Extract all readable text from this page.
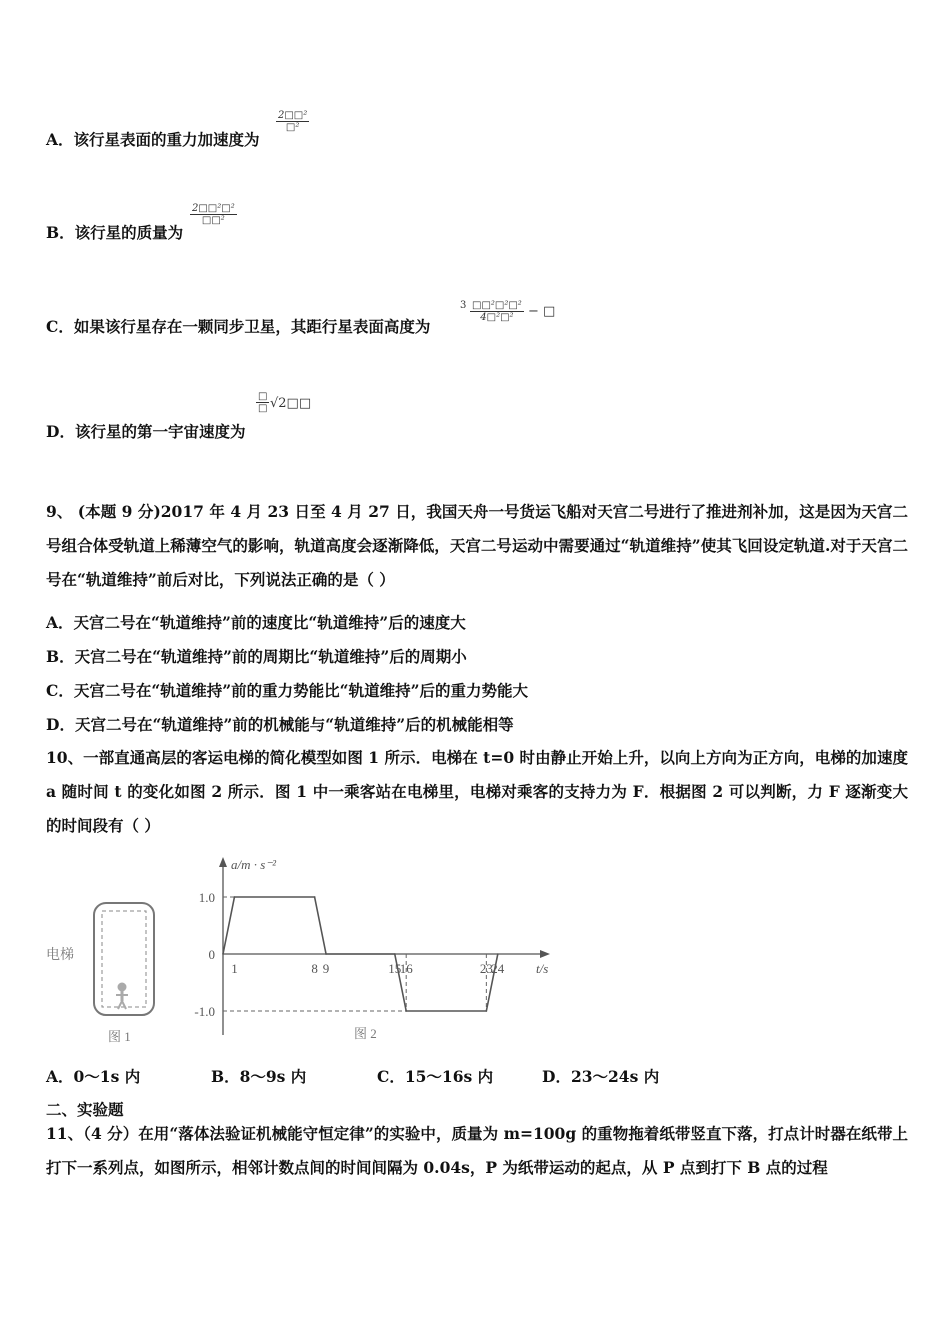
A．该行星表面的重力加速度为
2□□²
□²
B．该行星的质量为
2□□²□²
□□²
C．如果该行星存在一颗同步卫星，其距行星表面高度为
3 □□²□²□²
4□²□²	− □
□
□ √2□□
D．该行星的第一宇宙速度为
9、 (本题 9 分)2017 年 4 月 23 日至 4 月 27 日，我国天舟一号货运飞船对天宫二号进行了推进剂补加，这是因为天宫二号组合体受轨道上稀薄空气的影响，轨道高度会逐渐降低，天宫二号运动中需要通过“轨道维持”使其飞回设定轨道.对于天宫二号在“轨道维持”前后对比，下列说法正确的是（ ）
A．天宫二号在“轨道维持”前的速度比“轨道维持”后的速度大
B．天宫二号在“轨道维持”前的周期比“轨道维持”后的周期小
C．天宫二号在“轨道维持”前的重力势能比“轨道维持”后的重力势能大
D．天宫二号在“轨道维持”前的机械能与“轨道维持”后的机械能相等
10、一部直通高层的客运电梯的简化模型如图 1 所示．电梯在 t=0 时由静止开始上升，以向上方向为正方向，电梯的加速度 a 随时间 t 的变化如图 2 所示．图 1 中一乘客站在电梯里，电梯对乘客的支持力为 F．根据图 2 可以判断，力 F 逐渐变大的时间段有（ ）
电梯
图 1
a/m · s⁻²
t/s
1.0
0
-1.0
1	8 9	15
16	23
24
图 2
A．0～1s 内	B．8～9s 内	C．15～16s 内	D．23～24s 内
二、实验题
11、（4 分）在用“落体法验证机械能守恒定律”的实验中，质量为 m=100g 的重物拖着纸带竖直下落，打点计时器在纸带上打下一系列点，如图所示，相邻计数点间的时间间隔为 0.04s，P 为纸带运动的起点，从 P 点到打下 B 点的过程
